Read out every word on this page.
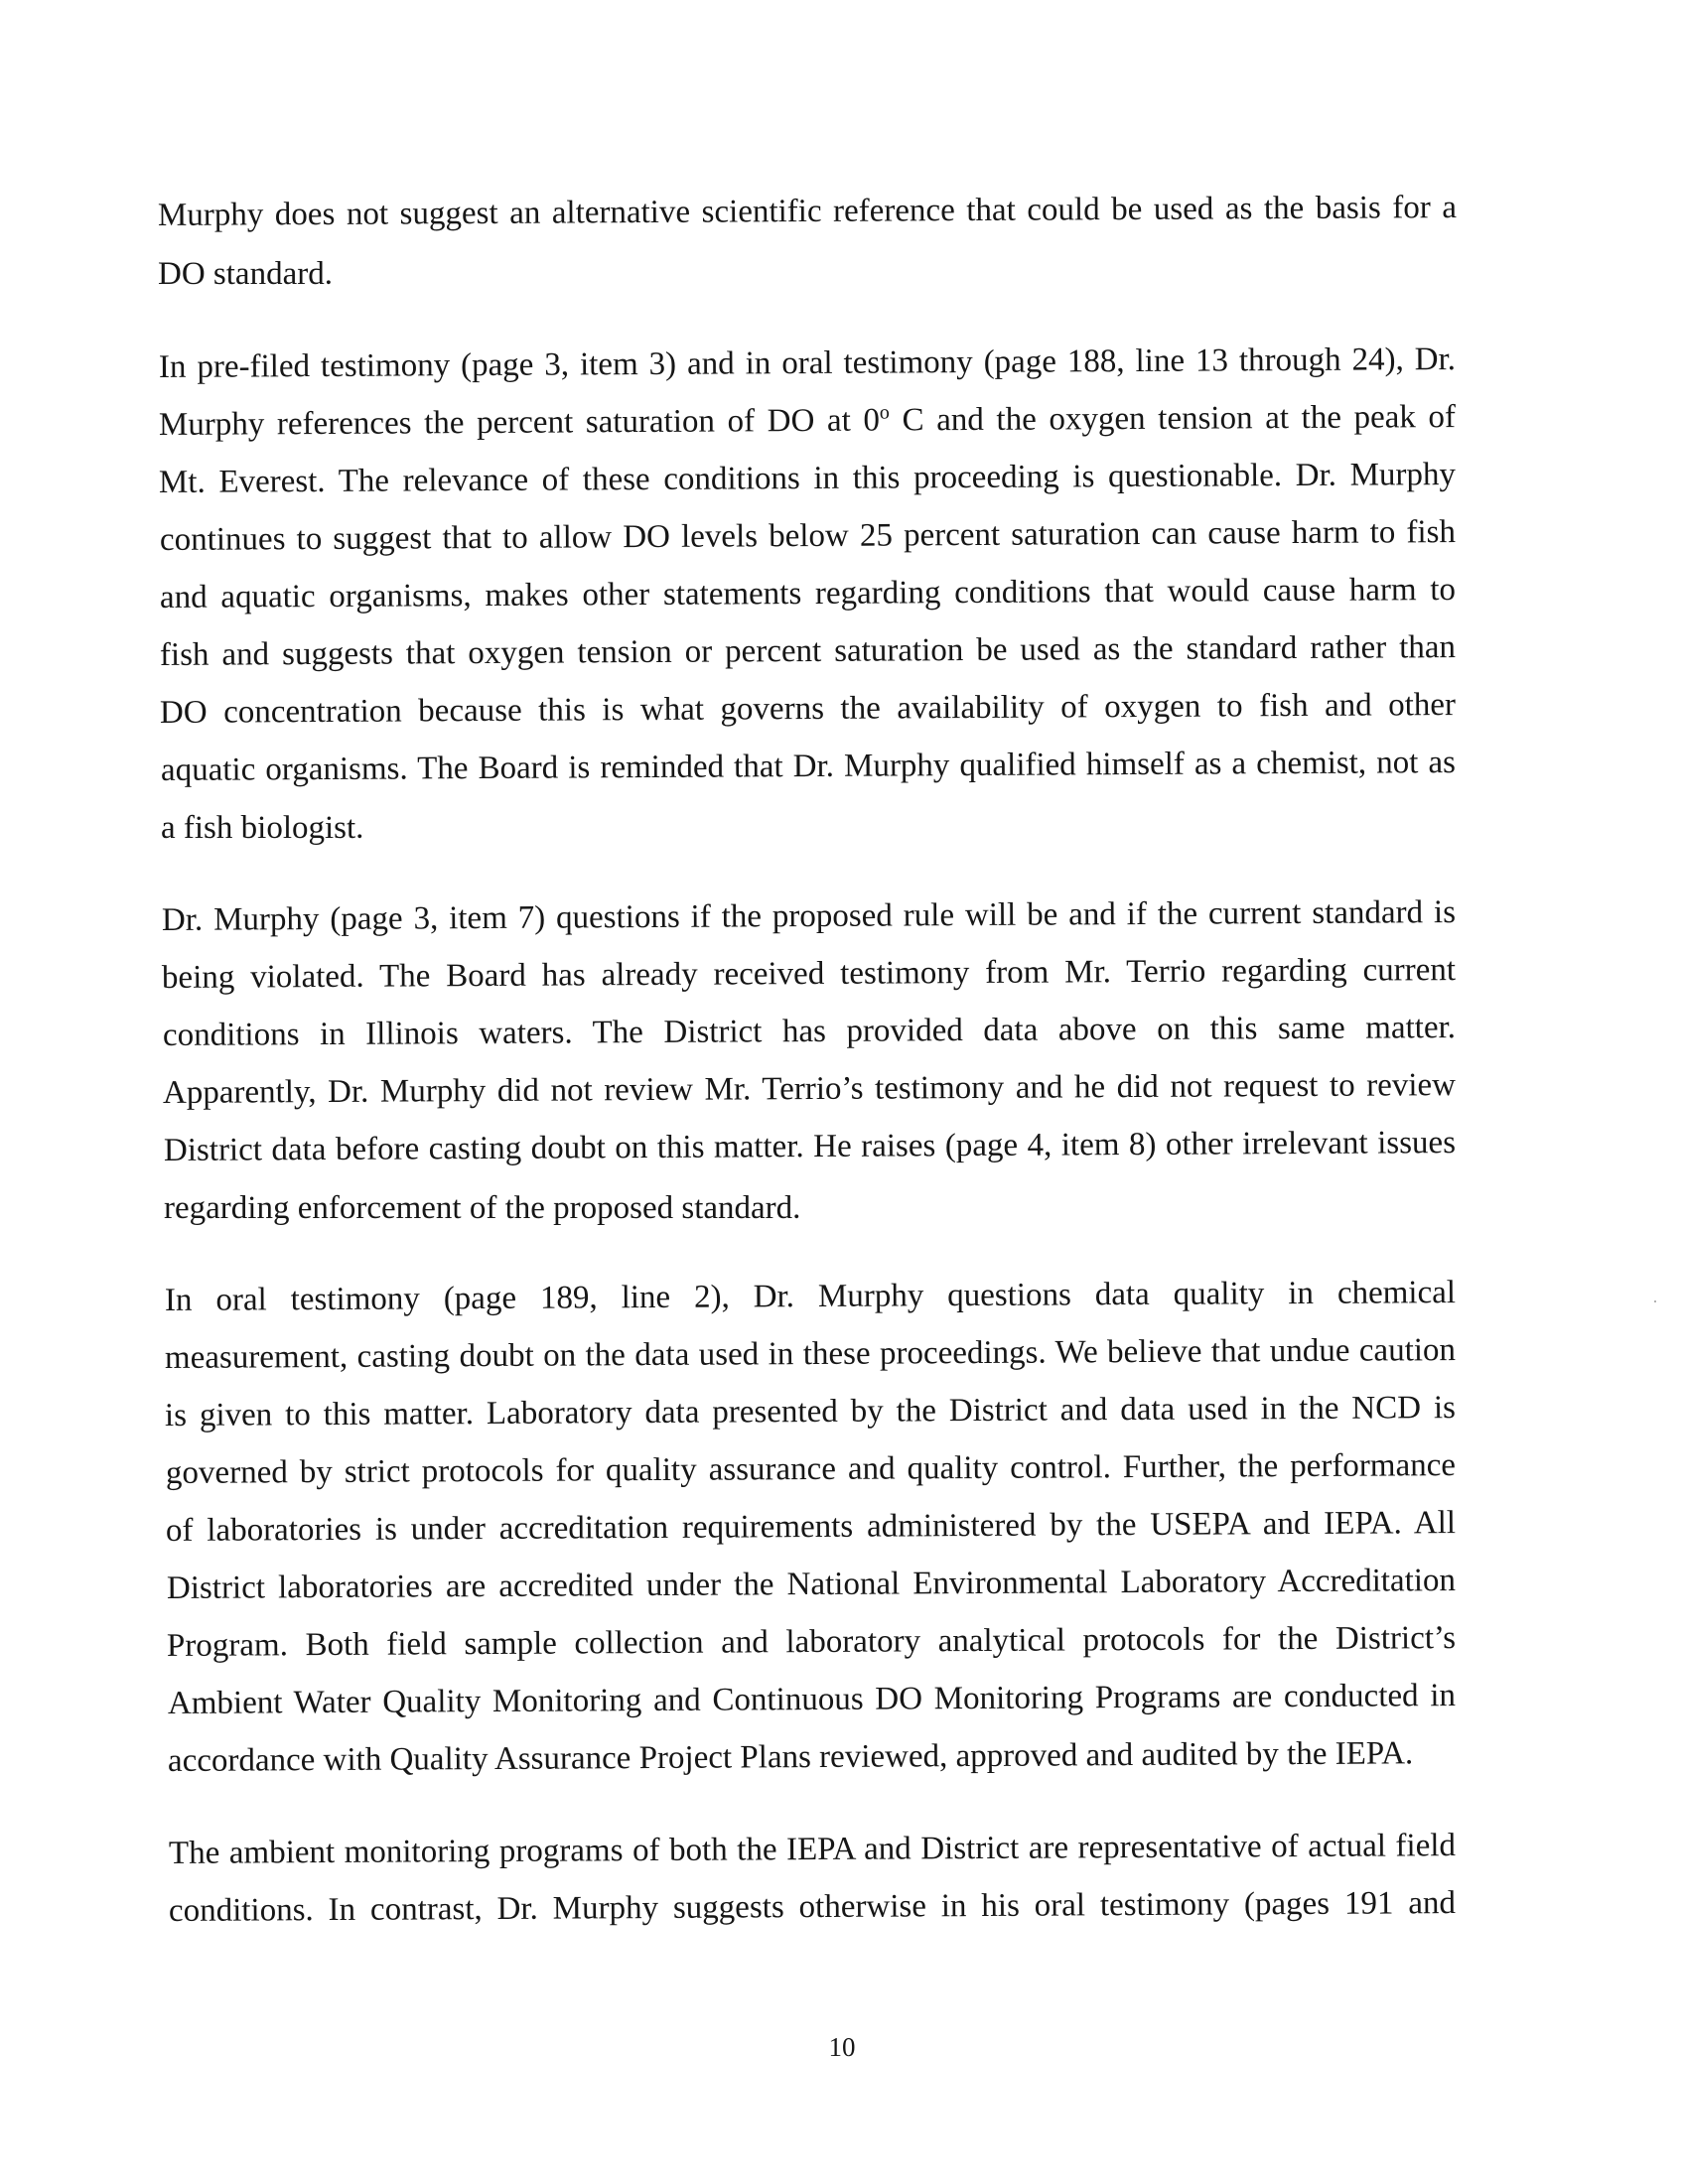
Murphy does not suggest an alternative scientific reference that could be used as the basis for a
DO standard.
In pre-filed testimony (page 3, item 3) and in oral testimony (page 188, line 13 through 24), Dr.
Murphy references the percent saturation of DO at 0$^o$ C and the oxygen tension at the peak of
Mt. Everest. The relevance of these conditions in this proceeding is questionable. Dr. Murphy
continues to suggest that to allow DO levels below 25 percent saturation can cause harm to fish
and aquatic organisms, makes other statements regarding conditions that would cause harm to
fish and suggests that oxygen tension or percent saturation be used as the standard rather than
DO concentration because this is what governs the availability of oxygen to fish and other
aquatic organisms. The Board is reminded that Dr. Murphy qualified himself as a chemist, not as
a fish biologist.
Dr. Murphy (page 3, item 7) questions if the proposed rule will be and if the current standard is
being violated. The Board has already received testimony from Mr. Terrio regarding current
conditions in Illinois waters. The District has provided data above on this same matter.
Apparently, Dr. Murphy did not review Mr. Terrio’s testimony and he did not request to review
District data before casting doubt on this matter. He raises (page 4, item 8) other irrelevant issues
regarding enforcement of the proposed standard.
In oral testimony (page 189, line 2), Dr. Murphy questions data quality in chemical
measurement, casting doubt on the data used in these proceedings. We believe that undue caution
is given to this matter. Laboratory data presented by the District and data used in the NCD is
governed by strict protocols for quality assurance and quality control. Further, the performance
of laboratories is under accreditation requirements administered by the USEPA and IEPA. All
District laboratories are accredited under the National Environmental Laboratory Accreditation
Program. Both field sample collection and laboratory analytical protocols for the District’s
Ambient Water Quality Monitoring and Continuous DO Monitoring Programs are conducted in
accordance with Quality Assurance Project Plans reviewed, approved and audited by the IEPA.
The ambient monitoring programs of both the IEPA and District are representative of actual field
conditions. In contrast, Dr. Murphy suggests otherwise in his oral testimony (pages 191 and
10
